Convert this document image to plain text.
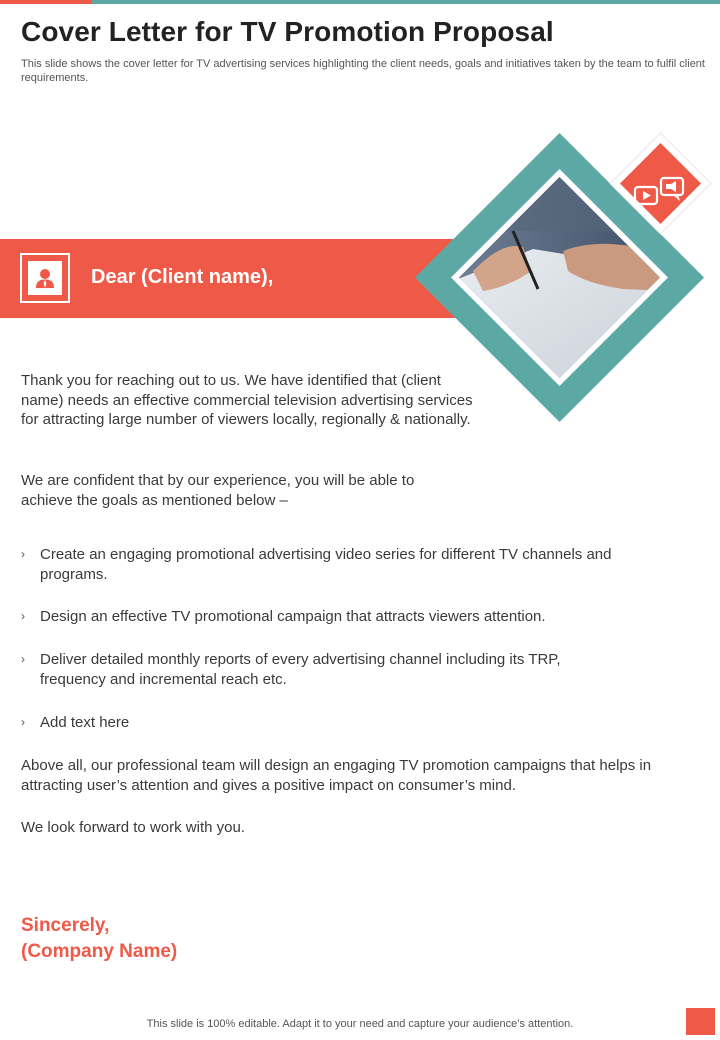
Cover Letter for TV Promotion Proposal
This slide shows the cover letter for TV advertising services highlighting the client needs, goals and initiatives taken by the team to fulfil client requirements.
Dear (Client name),
Thank you for reaching out to us. We have identified that (client name) needs an effective commercial television advertising services for attracting large number of viewers locally, regionally & nationally.
We are confident that by our experience, you will be able to achieve the goals as mentioned below –
› Create an engaging promotional advertising video series for different TV channels and programs.
› Design an effective TV promotional campaign that attracts viewers attention.
› Deliver detailed monthly reports of every advertising channel including its TRP, frequency and incremental reach etc.
› Add text here
Above all, our professional team will design an engaging TV promotion campaigns that helps in attracting user’s attention and gives a positive impact on consumer’s mind.
We look forward to work with you.
Sincerely,
(Company Name)
This slide is 100% editable. Adapt it to your need and capture your audience’s attention.
